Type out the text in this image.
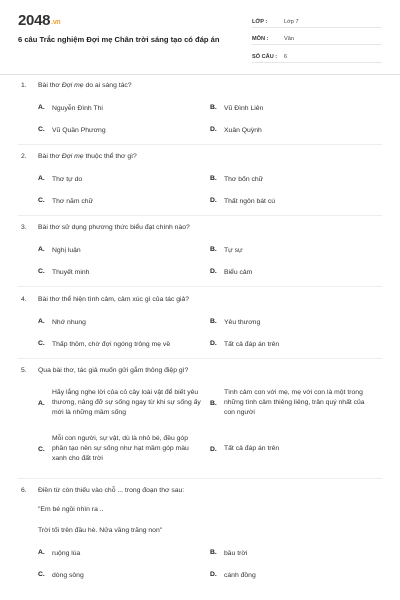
2048.vn
6 câu Trắc nghiệm Đợi mẹ Chân trời sáng tạo có đáp án
LỚP :	Lớp 7
MÔN :	Văn
SỐ CÂU :	6
1. Bài thơ Đợi mẹ do ai sáng tác?
A.	Nguyễn Đình Thi	B.	Vũ Đình Liên
C.	Vũ Quần Phương	D.	Xuân Quỳnh
2. Bài thơ Đợi mẹ thuộc thể thơ gì?
A.	Thơ tự do	B.	Thơ bốn chữ
C.	Thơ năm chữ	D.	Thất ngôn bát cú
3. Bài thơ sử dụng phương thức biểu đạt chính nào?
A.	Nghị luận	B.	Tự sự
C.	Thuyết minh	D.	Biểu cảm
4. Bài thơ thể hiện tình cảm, cảm xúc gì của tác giả?
A.	Nhớ nhung	B.	Yêu thương
C.	Thấp thỏm, chờ đợi ngóng trông mẹ về	D.	Tất cả đáp án trên
5. Qua bài thơ, tác giả muốn gửi gắm thông điệp gì?
A.
Hãy lắng nghe lời của cỏ cây loài vật để biết yêu thương, nâng đỡ sự sống ngay từ khi sự sống ấy mới là những mầm sống
B.
Tình cảm con với mẹ, mẹ với con là một trong những tình cảm thiêng liêng, trân quý nhất của con người
C.
Mỗi con người, sự vật, dù là nhỏ bé, đều góp phần tạo nên sự sống như hạt mầm góp màu xanh cho đất trời
D.	Tất cả đáp án trên
6. Điền từ còn thiếu vào chỗ ... trong đoạn thơ sau:
"Em bé ngồi nhìn ra ..
Trời tối trên đầu hè. Nửa vầng trăng non"
A.	ruộng lúa	B.	bầu trời
C.	dòng sông	D.	cánh đồng
